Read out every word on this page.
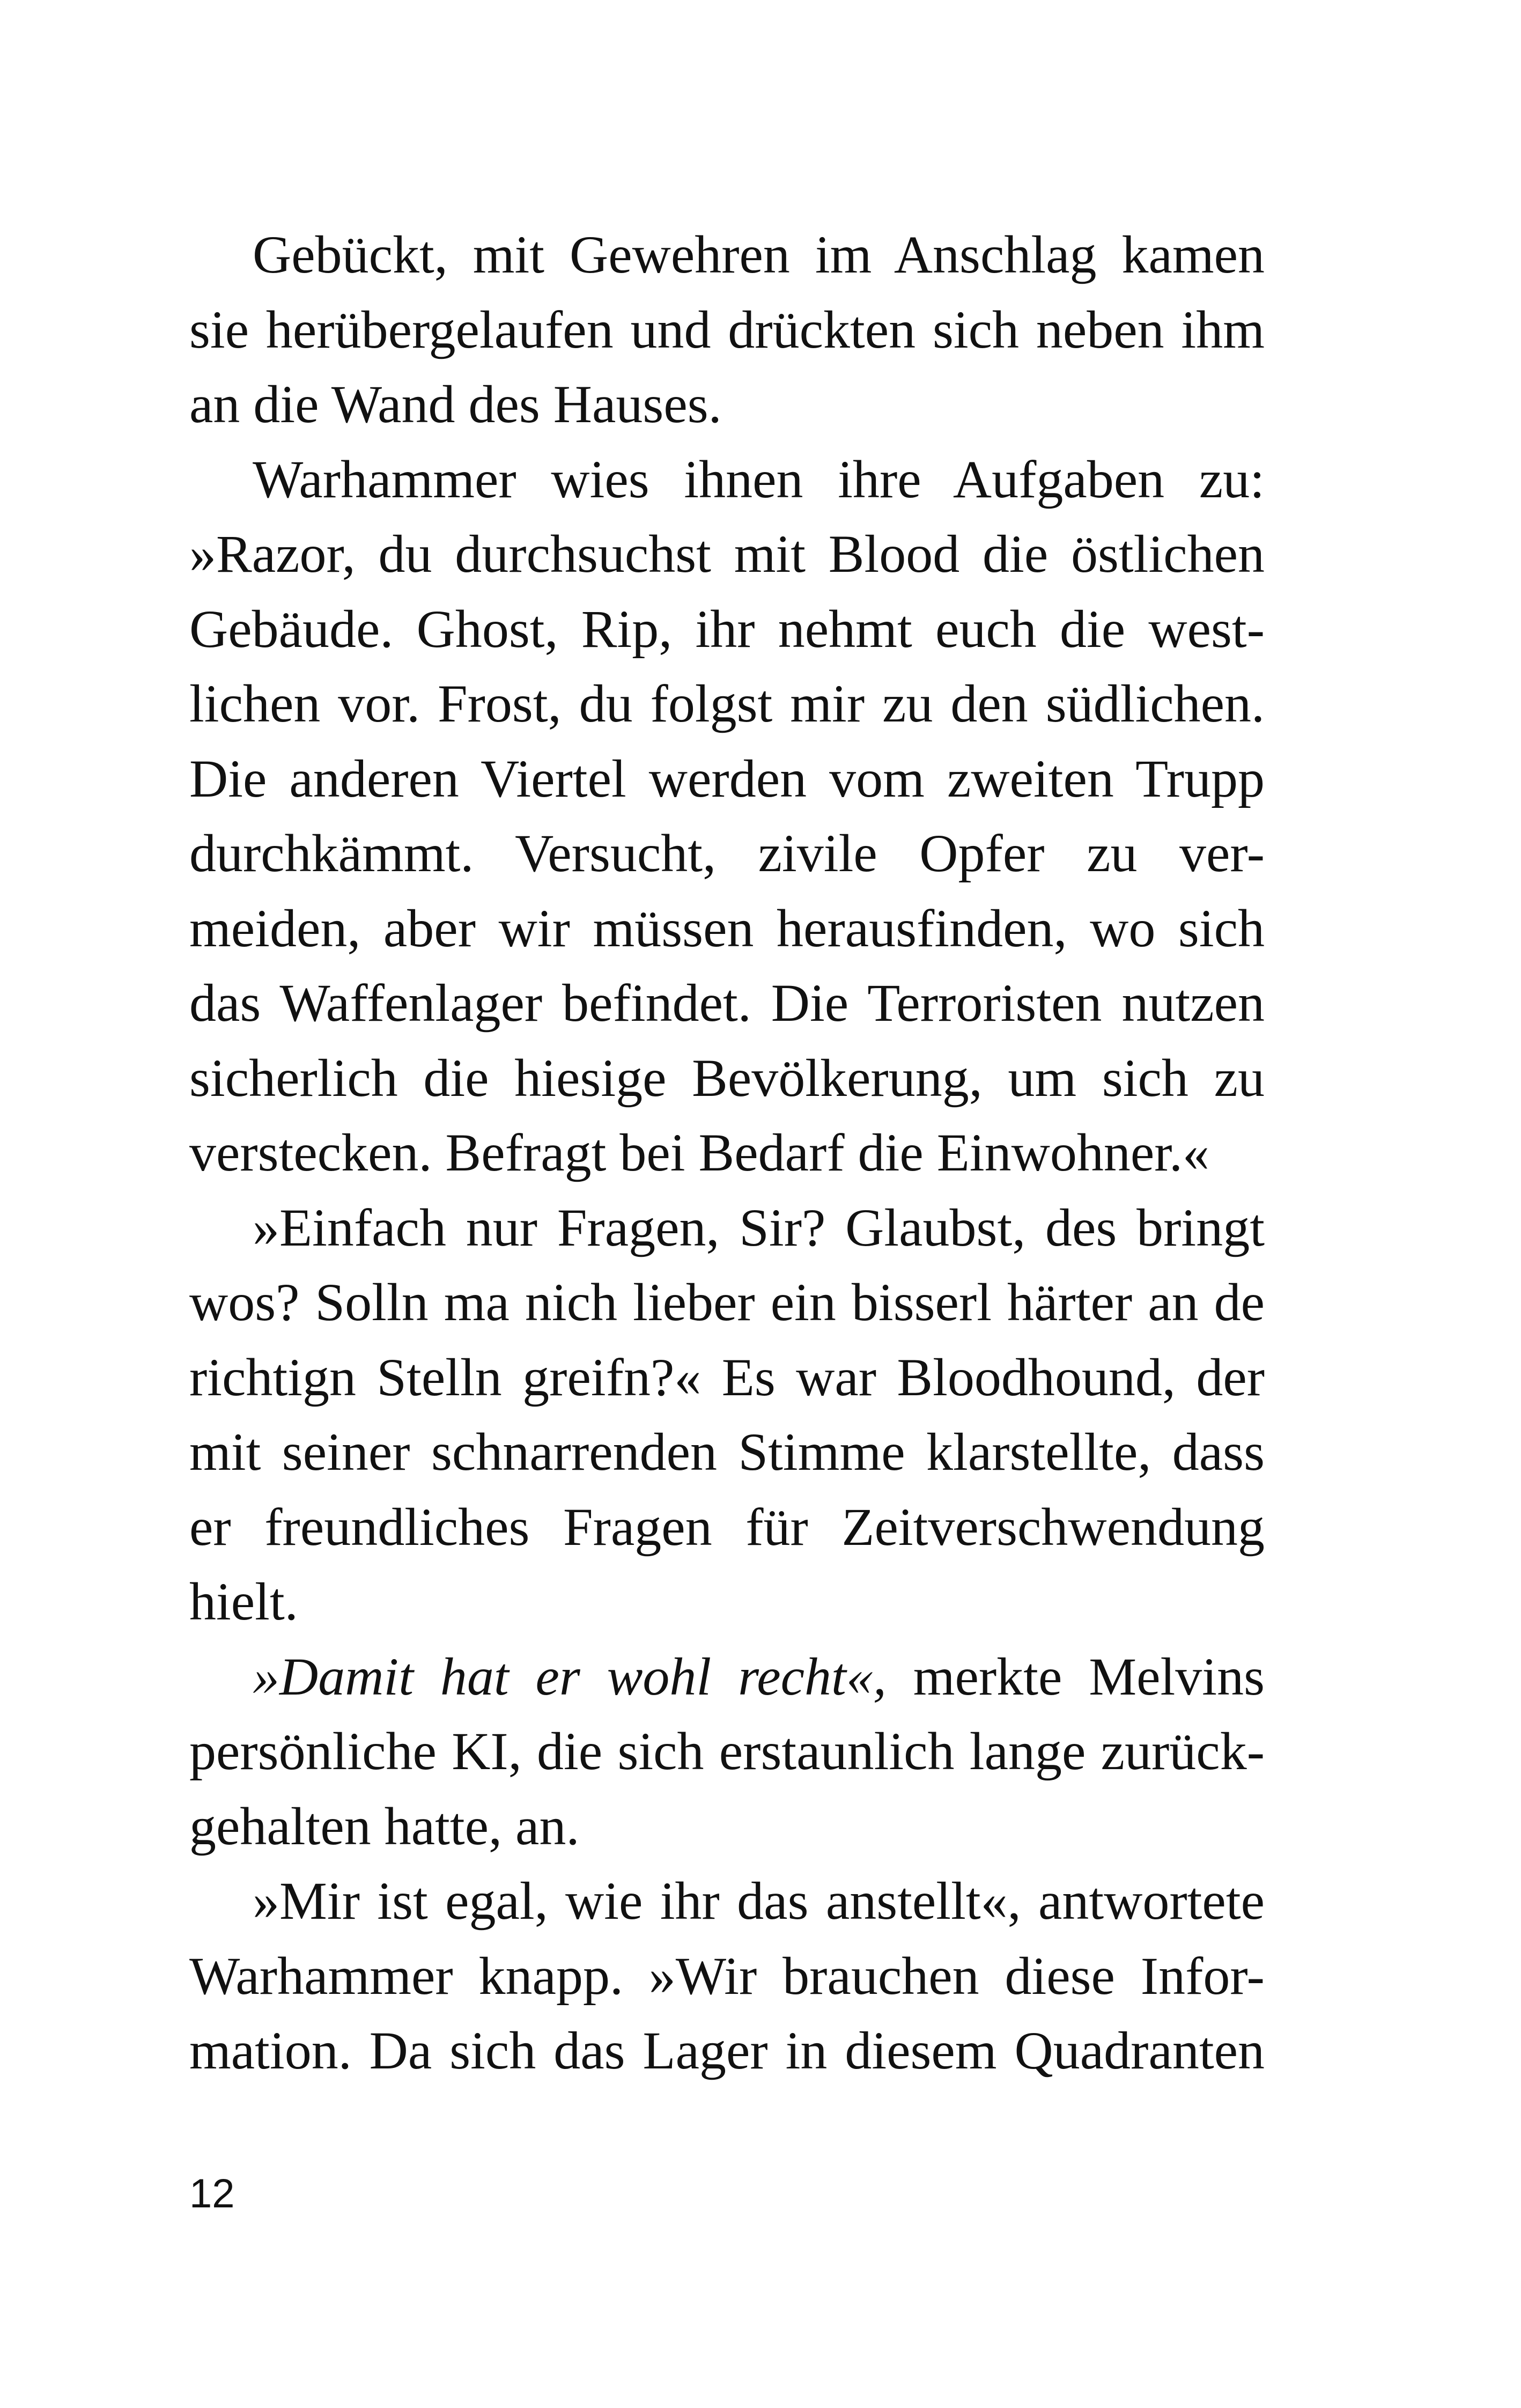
Gebückt, mit Gewehren im Anschlag kamen
sie herübergelaufen und drückten sich neben ihm
an die Wand des Hauses.
Warhammer wies ihnen ihre Aufgaben zu:
»Razor, du durchsuchst mit Blood die östlichen
Gebäude. Ghost, Rip, ihr nehmt euch die west-
lichen vor. Frost, du folgst mir zu den südlichen.
Die anderen Viertel werden vom zweiten Trupp
durchkämmt. Versucht, zivile Opfer zu ver-
meiden, aber wir müssen herausfinden, wo sich
das Waffenlager befindet. Die Terroristen nutzen
sicherlich die hiesige Bevölkerung, um sich zu
verstecken. Befragt bei Bedarf die Einwohner.«
»Einfach nur Fragen, Sir? Glaubst, des bringt
wos? Solln ma nich lieber ein bisserl härter an de
richtign Stelln greifn?« Es war Bloodhound, der
mit seiner schnarrenden Stimme klarstellte, dass
er freundliches Fragen für Zeitverschwendung
hielt.
»Damit hat er wohl recht«, merkte Melvins
persönliche KI, die sich erstaunlich lange zurück-
gehalten hatte, an.
»Mir ist egal, wie ihr das anstellt«, antwortete
Warhammer knapp. »Wir brauchen diese Infor-
mation. Da sich das Lager in diesem Quadranten
12
